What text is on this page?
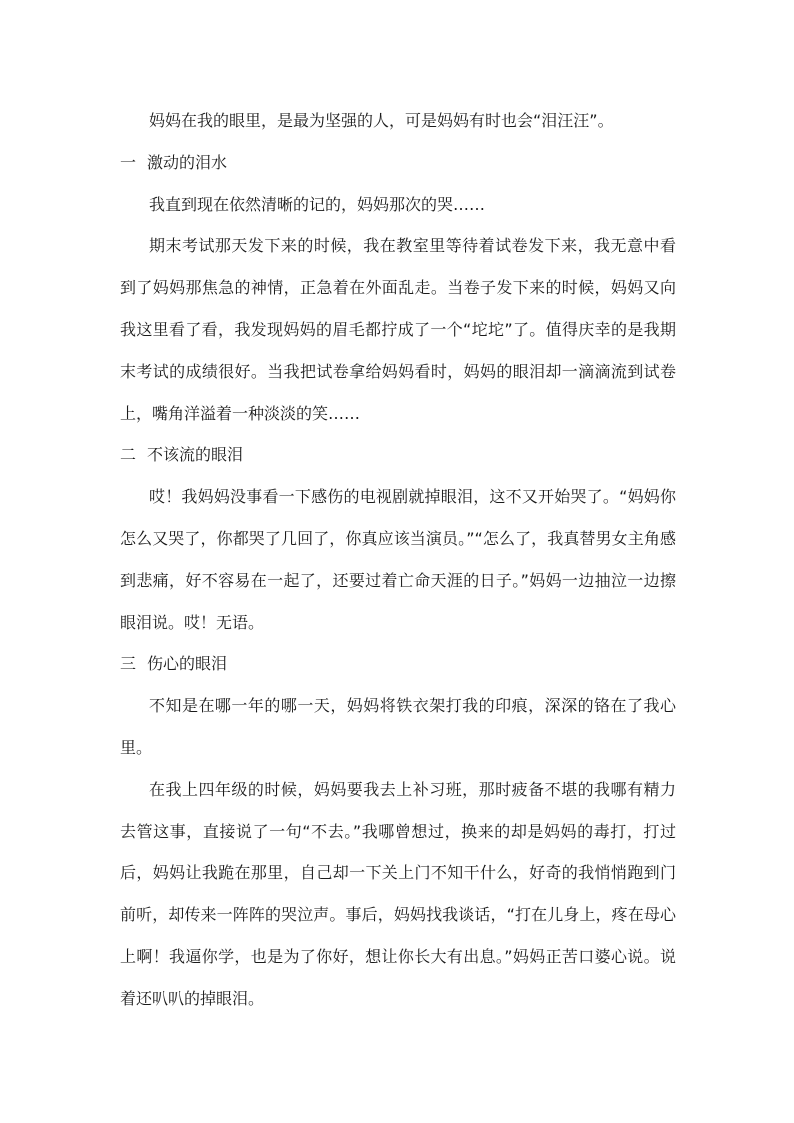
妈妈在我的眼里，是最为坚强的人，可是妈妈有时也会“泪汪汪”。

一 激动的泪水

我直到现在依然清晰的记的，妈妈那次的哭……

期末考试那天发下来的时候，我在教室里等待着试卷发下来，我无意中看到了妈妈那焦急的神情，正急着在外面乱走。当卷子发下来的时候，妈妈又向我这里看了看，我发现妈妈的眉毛都拧成了一个“坨坨”了。值得庆幸的是我期末考试的成绩很好。当我把试卷拿给妈妈看时，妈妈的眼泪却一滴滴流到试卷上，嘴角洋溢着一种淡淡的笑……

二 不该流的眼泪

哎！我妈妈没事看一下感伤的电视剧就掉眼泪，这不又开始哭了。“妈妈你怎么又哭了，你都哭了几回了，你真应该当演员。”“怎么了，我真替男女主角感到悲痛，好不容易在一起了，还要过着亡命天涯的日子。”妈妈一边抽泣一边擦眼泪说。哎！无语。

三 伤心的眼泪

不知是在哪一年的哪一天，妈妈将铁衣架打我的印痕，深深的铬在了我心里。

在我上四年级的时候，妈妈要我去上补习班，那时疲备不堪的我哪有精力去管这事，直接说了一句“不去。”我哪曾想过，换来的却是妈妈的毒打，打过后，妈妈让我跪在那里，自己却一下关上门不知干什么，好奇的我悄悄跑到门前听，却传来一阵阵的哭泣声。事后，妈妈找我谈话，“打在儿身上，疼在母心上啊！我逼你学，也是为了你好，想让你长大有出息。”妈妈正苦口婆心说。说着还叭叭的掉眼泪。
